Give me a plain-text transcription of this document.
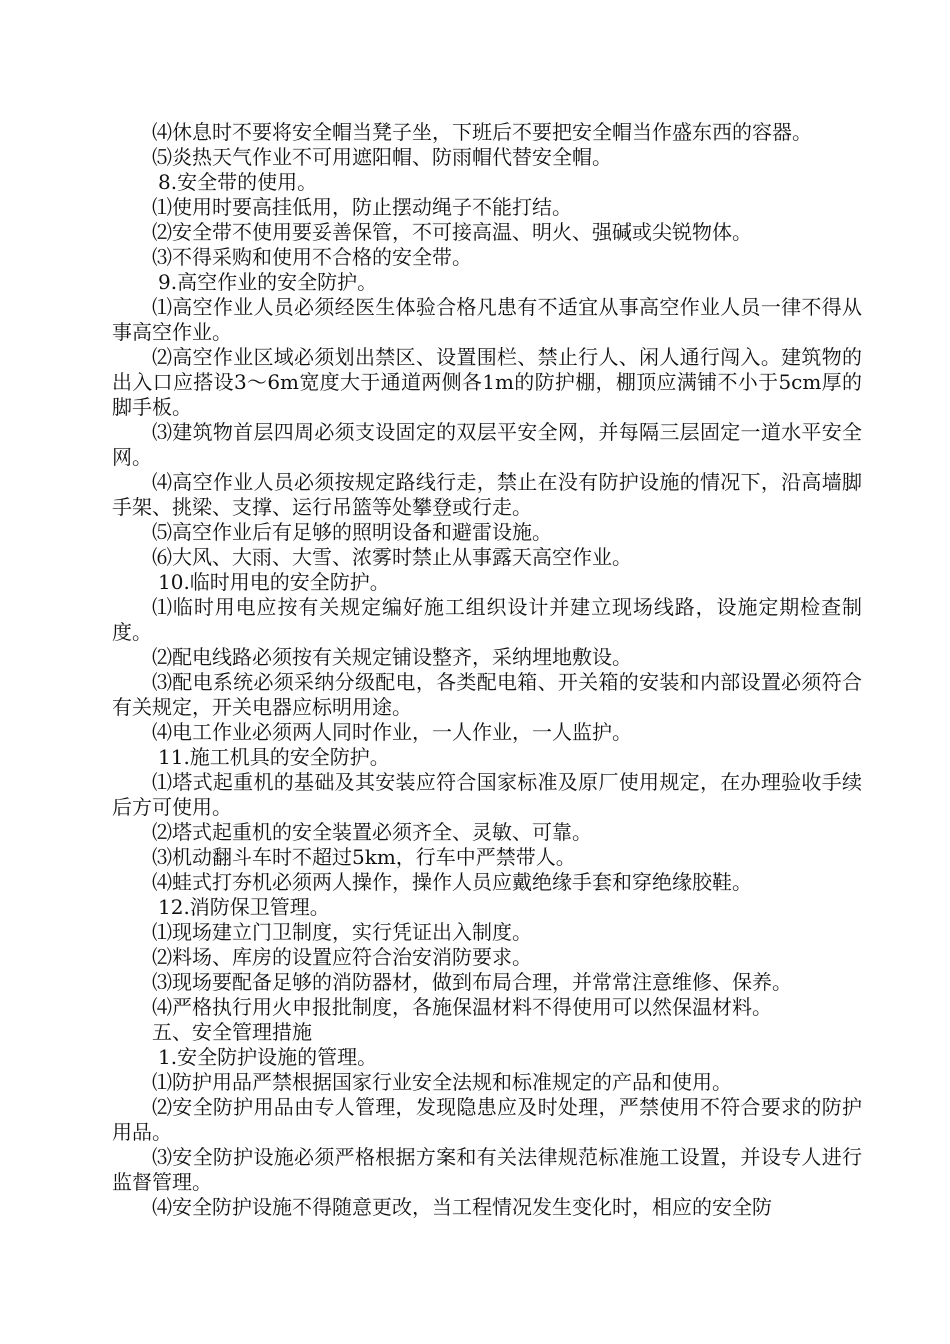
⑷休息时不要将安全帽当凳子坐，下班后不要把安全帽当作盛东西的容器。

⑸炎热天气作业不可用遮阳帽、防雨帽代替安全帽。

8.安全带的使用。

⑴使用时要高挂低用，防止摆动绳子不能打结。

⑵安全带不使用要妥善保管，不可接高温、明火、强碱或尖锐物体。

⑶不得采购和使用不合格的安全带。

9.高空作业的安全防护。

⑴高空作业人员必须经医生体验合格凡患有不适宜从事高空作业人员一律不得从事高空作业。

⑵高空作业区域必须划出禁区、设置围栏、禁止行人、闲人通行闯入。建筑物的出入口应搭设3～6m宽度大于通道两侧各1m的防护棚，棚顶应满铺不小于5cm厚的脚手板。

⑶建筑物首层四周必须支设固定的双层平安全网，并每隔三层固定一道水平安全网。

⑷高空作业人员必须按规定路线行走，禁止在没有防护设施的情况下，沿高墙脚手架、挑梁、支撑、运行吊篮等处攀登或行走。

⑸高空作业后有足够的照明设备和避雷设施。

⑹大风、大雨、大雪、浓雾时禁止从事露天高空作业。

10.临时用电的安全防护。

⑴临时用电应按有关规定编好施工组织设计并建立现场线路，设施定期检查制度。

⑵配电线路必须按有关规定铺设整齐，采纳埋地敷设。

⑶配电系统必须采纳分级配电，各类配电箱、开关箱的安装和内部设置必须符合有关规定，开关电器应标明用途。

⑷电工作业必须两人同时作业，一人作业，一人监护。

11.施工机具的安全防护。

⑴塔式起重机的基础及其安装应符合国家标准及原厂使用规定，在办理验收手续后方可使用。

⑵塔式起重机的安全装置必须齐全、灵敏、可靠。

⑶机动翻斗车时不超过5km，行车中严禁带人。

⑷蛙式打夯机必须两人操作，操作人员应戴绝缘手套和穿绝缘胶鞋。

12.消防保卫管理。

⑴现场建立门卫制度，实行凭证出入制度。

⑵料场、库房的设置应符合治安消防要求。

⑶现场要配备足够的消防器材，做到布局合理，并常常注意维修、保养。

⑷严格执行用火申报批制度，各施保温材料不得使用可以然保温材料。

五、安全管理措施

1.安全防护设施的管理。

⑴防护用品严禁根据国家行业安全法规和标准规定的产品和使用。

⑵安全防护用品由专人管理，发现隐患应及时处理，严禁使用不符合要求的防护用品。

⑶安全防护设施必须严格根据方案和有关法律规范标准施工设置，并设专人进行监督管理。

⑷安全防护设施不得随意更改，当工程情况发生变化时，相应的安全防
